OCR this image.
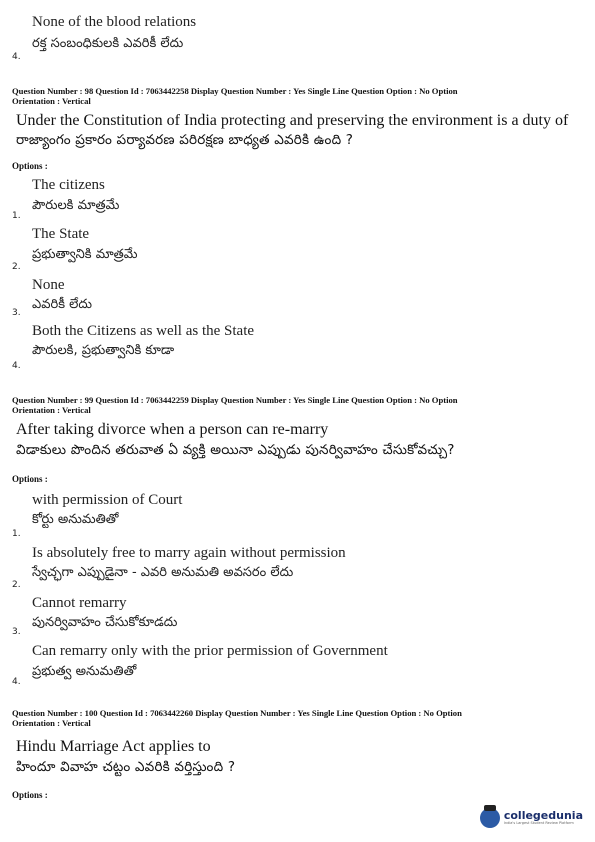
None of the blood relations
రక్త సంబంధికులకి ఎవరికీ లేదు
4.
Question Number : 98 Question Id : 7063442258 Display Question Number : Yes Single Line Question Option : No Option
Orientation : Vertical
Under the Constitution of India protecting and preserving the environment is a duty of
రాజ్యాంగం ప్రకారం పర్యావరణ పరిరక్షణ బాధ్యత ఎవరికి ఉంది ?
Options :
The citizens
పౌరులకి మాత్రమే
1.
The State
ప్రభుత్వానికి మాత్రమే
2.
None
ఎవరికీ లేదు
3.
Both the Citizens as well as the State
పౌరులకి, ప్రభుత్వానికి కూడా
4.
Question Number : 99 Question Id : 7063442259 Display Question Number : Yes Single Line Question Option : No Option
Orientation : Vertical
After taking divorce when a person can re-marry
విడాకులు పొందిన తరువాత ఏ వ్యక్తి అయినా ఎప్పుడు పునర్వివాహం చేసుకోవచ్చు?
Options :
with permission of Court
కోర్టు అనుమతితో
1.
Is absolutely free to marry again without permission
స్వేచ్ఛగా ఎప్పుడైనా - ఎవరి అనుమతి అవసరం లేదు
2.
Cannot remarry
పునర్వివాహం చేసుకోకూడదు
3.
Can remarry only with the prior permission of Government
ప్రభుత్వ అనుమతితో
4.
Question Number : 100 Question Id : 7063442260 Display Question Number : Yes Single Line Question Option : No Option
Orientation : Vertical
Hindu Marriage Act applies to
హిందూ వివాహ చట్టం ఎవరికి వర్తిస్తుంది ?
Options :
collegedunia
India's Largest Student Review Platform
